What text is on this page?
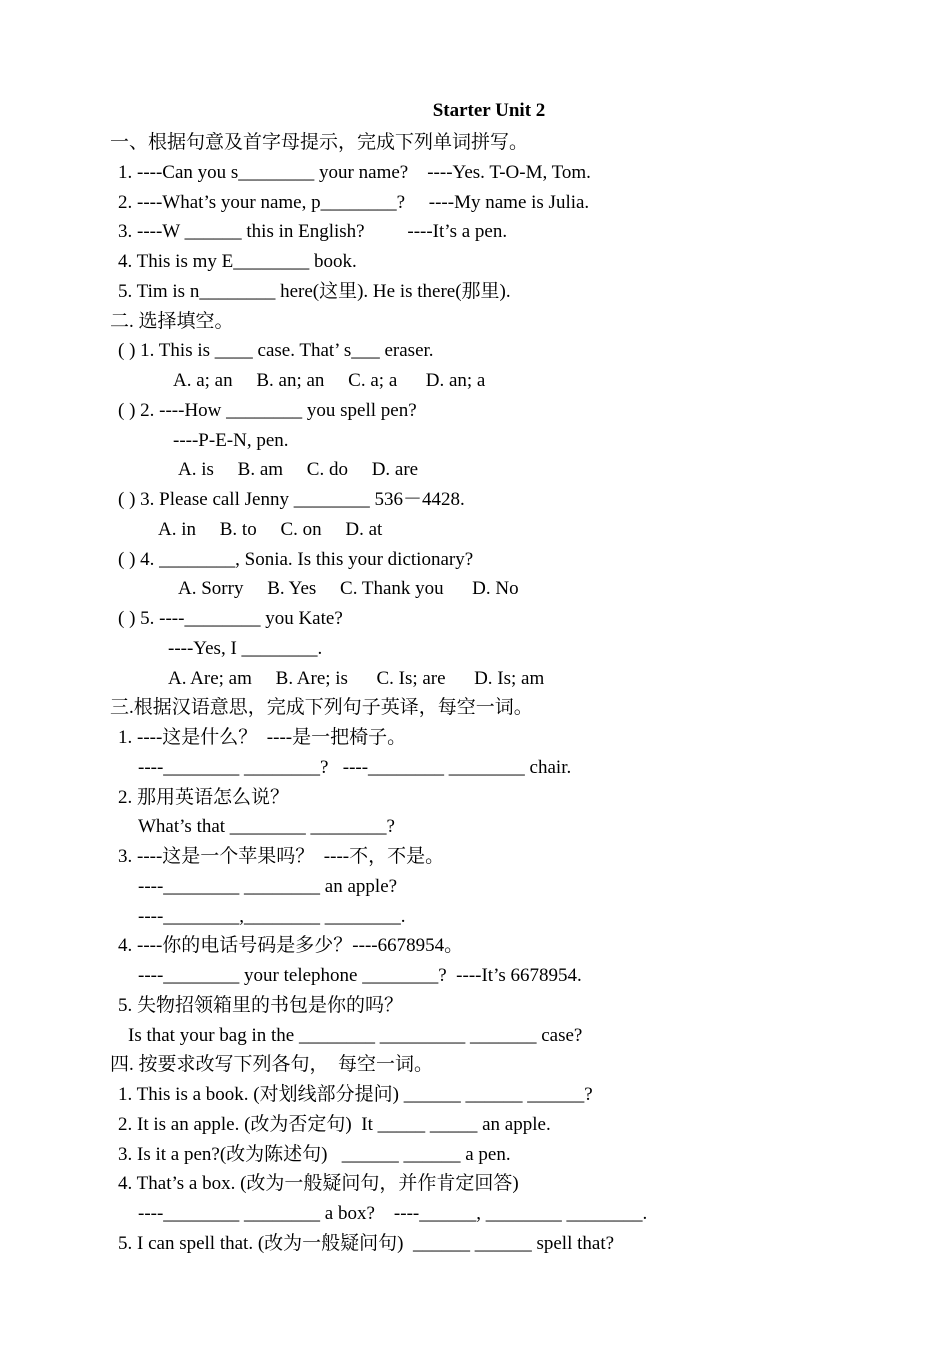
Starter Unit 2
一、根据句意及首字母提示，完成下列单词拼写。
1. ----Can you s________ your name?    ----Yes. T-O-M, Tom.
2. ----What’s your name, p________?     ----My name is Julia.
3. ----W ______ this in English?         ----It’s a pen.
4. This is my E________ book.
5. Tim is n________ here(这里). He is there(那里).
二. 选择填空。
( ) 1. This is ____ case. That’ s___ eraser.
A. a; an     B. an; an     C. a; a      D. an; a
( ) 2. ----How ________ you spell pen?
----P-E-N, pen.
A. is     B. am     C. do     D. are
( ) 3. Please call Jenny ________ 536－4428.
A. in     B. to     C. on     D. at
( ) 4. ________, Sonia. Is this your dictionary?
A. Sorry     B. Yes     C. Thank you      D. No
( ) 5. ----________ you Kate?
----Yes, I ________.
A. Are; am     B. Are; is      C. Is; are      D. Is; am
三.根据汉语意思，完成下列句子英译，每空一词。
1. ----这是什么？  ----是一把椅子。
----________ ________?   ----________ ________ chair.
2. 那用英语怎么说？
What’s that ________ ________?
3. ----这是一个苹果吗？  ----不，不是。
----________ ________ an apple?
----________,________ ________.
4. ----你的电话号码是多少？----6678954。
----________ your telephone ________?  ----It’s 6678954.
5. 失物招领箱里的书包是你的吗？
Is that your bag in the ________ _________ _______ case?
四. 按要求改写下列各句，  每空一词。
1. This is a book. (对划线部分提问) ______ ______ ______?
2. It is an apple. (改为否定句)  It _____ _____ an apple.
3. Is it a pen?(改为陈述句)   ______ ______ a pen.
4. That’s a box. (改为一般疑问句，并作肯定回答)
----________ ________ a box?    ----______, ________ ________.
5. I can spell that. (改为一般疑问句)  ______ ______ spell that?
